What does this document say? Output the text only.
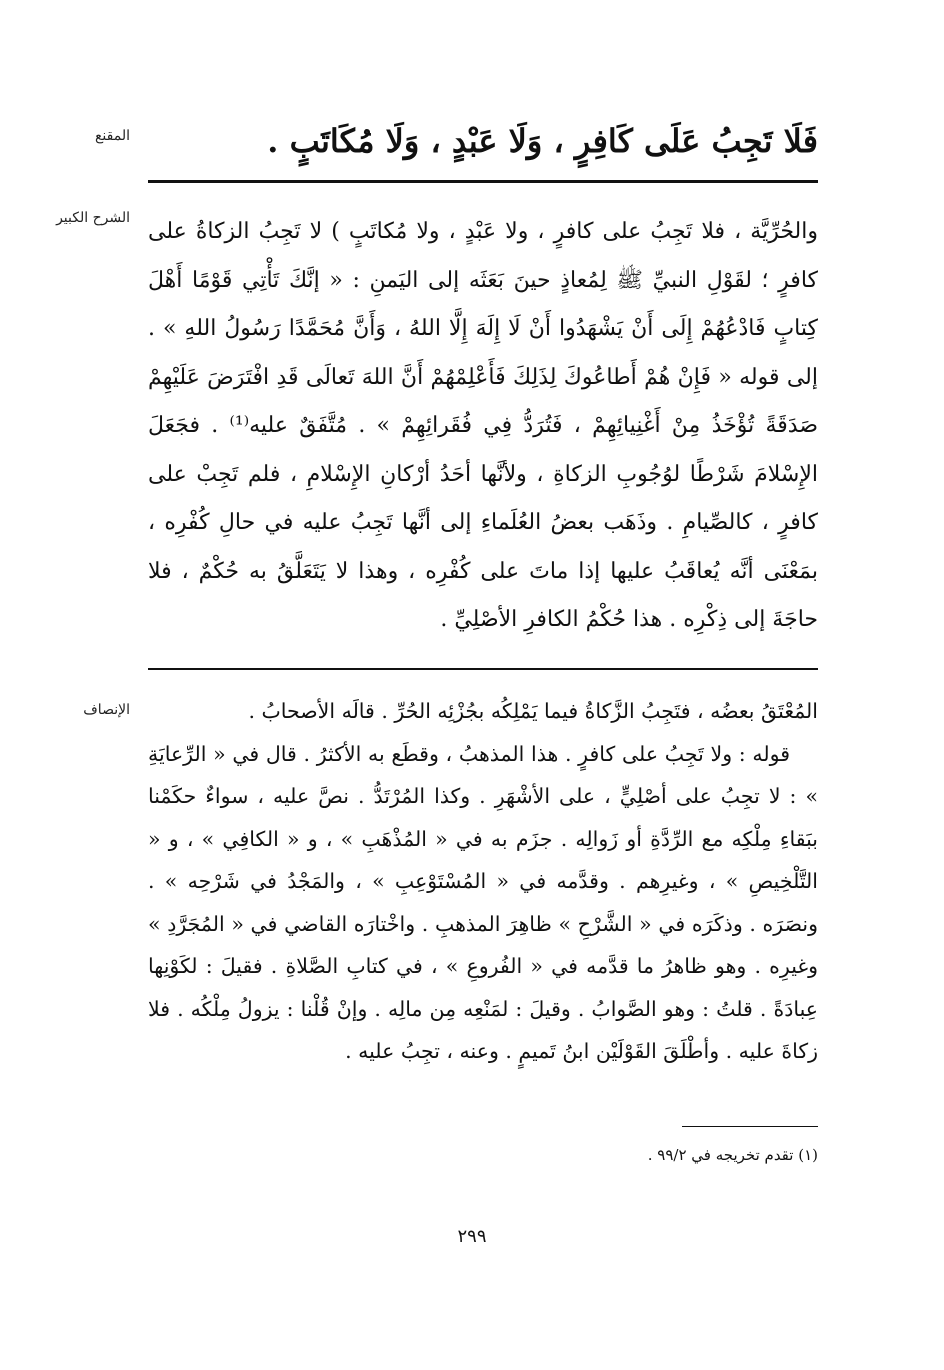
المقنع	فَلَا تَجِبُ عَلَى كَافِرٍ ، وَلَا عَبْدٍ ، وَلَا مُكَاتَبٍ .

الشرح الكبير

والحُرِّيَّة ، فلا تَجِبُ على كافرٍ ، ولا عَبْدٍ ، ولا مُكاتَبٍ ) لا تَجِبُ الزكاةُ على كافرٍ ؛ لقَوْلِ النبيِّ ﷺ لِمُعاذٍ حينَ بَعَثَه إلى اليَمنِ : « إنَّكَ تَأْتِي قَوْمًا أَهْلَ كِتابٍ فَادْعُهُمْ إِلَى أَنْ يَشْهَدُوا أَنْ لَا إِلَهَ إِلَّا اللهُ ، وَأَنَّ مُحَمَّدًا رَسُولُ اللهِ » . إلى قوله « فَإِنْ هُمْ أَطاعُوكَ لِذَلِكَ فَأَعْلِمْهُمْ أَنَّ اللهَ تَعالَى قَدِ افْتَرَضَ عَلَيْهِمْ صَدَقَةً تُؤْخَذُ مِنْ أَغْنِيائِهِمْ ، فَتُرَدُّ فِي فُقَرائِهِمْ » . مُتَّفَقٌ عليه⁽¹⁾ . فجَعَلَ الإِسْلامَ شَرْطًا لوُجُوبِ الزكاةِ ، ولأنَّها أحَدُ أرْكانِ الإِسْلامِ ، فلم تَجِبْ على كافرٍ ، كالصِّيامِ . وذَهَب بعضُ العُلَماءِ إلى أنَّها تَجِبُ عليه في حالِ كُفْرِه ، بمَعْنَى أنَّه يُعاقَبُ عليها إذا ماتَ على كُفْرِه ، وهذا لا يَتَعَلَّقُ به حُكْمٌ ، فلا حاجَةَ إلى ذِكْرِه . هذا حُكْمُ الكافرِ الأصْلِيِّ .

الإنصاف	المُعْتَقُ بعضُه ، فتَجِبُ الزَّكاةُ فيما يَمْلِكُه بجُزْئِه الحُرِّ . قالَه الأصحابُ .

قوله : ولا تَجِبُ على كافرٍ . هذا المذهبُ ، وقطَع به الأكثرُ . قال في « الرِّعايَةِ » : لا تجِبُ على أصْلِيٍّ ، على الأشْهَرِ . وكذا المُرْتَدُّ . نصَّ عليه ، سواءٌ حكَمْنا ببَقاءِ مِلْكِه مع الرِّدَّةِ أو زَوالِه . جزَم به في « المُذْهَبِ » ، و « الكافِي » ، و « التَّلْخِيصِ » ، وغيرِهم . وقدَّمه في « المُسْتَوْعِبِ » ، والمَجْدُ في شَرْحِه » . ونصَرَه . وذكَرَه في « الشَّرْحِ » ظاهِرَ المذهبِ . واخْتارَه القاضي في « المُجَرَّدِ » وغيرِه . وهو ظاهرُ ما قدَّمه في « الفُروعِ » ، في كتابِ الصَّلاةِ . فقيلَ : لكَوْنِها عِبادَةً . قلتُ : وهو الصَّوابُ . وقيلَ : لمَنْعِه مِن مالِه . وإنْ قُلْنا : يزولُ مِلْكُه . فلا زكاةَ عليه . وأطْلَقَ القَوْلَيْن ابنُ تَميمٍ . وعنه ، تجِبُ عليه .

(١) تقدم تخريجه في ٩٩/٢ .
٢٩٩
